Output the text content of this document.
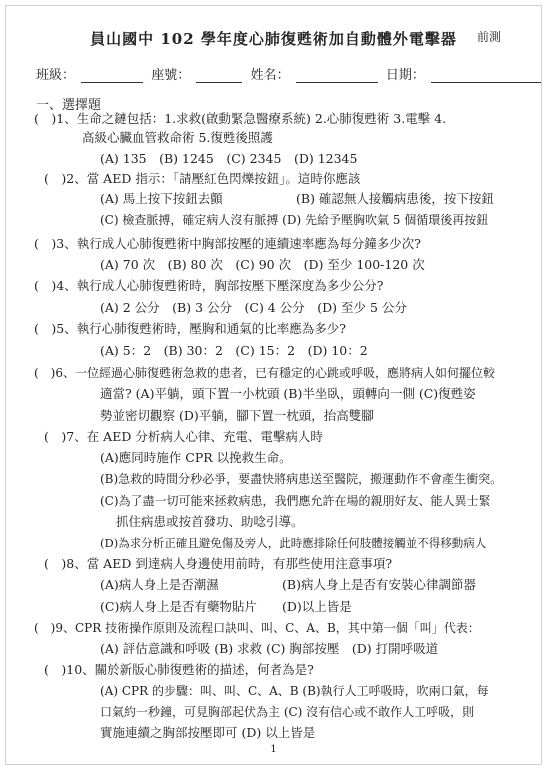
員山國中 102 學年度心肺復甦術加自動體外電擊器	前測
班級：	座號：	姓名：	日期：
一、選擇題
(　)1、生命之鏈包括：1.求救(啟動緊急醫療系統) 2.心肺復甦術 3.電擊 4.
高級心臟血管救命術 5.復甦後照護
(A) 135　(B) 1245　(C) 2345　(D) 12345
(　)2、當 AED 指示：「請壓紅色閃爍按鈕」。這時你應該
(A) 馬上按下按鈕去顫	(B) 確認無人接觸病患後，按下按鈕
(C) 檢查脈搏，確定病人沒有脈搏 (D) 先給予壓胸吹氣 5 個循環後再按鈕
(　)3、執行成人心肺復甦術中胸部按壓的連續速率應為每分鐘多少次?
(A) 70 次　(B) 80 次　(C) 90 次　(D) 至少 100-120 次
(　)4、執行成人心肺復甦術時，胸部按壓下壓深度為多少公分?
(A) 2 公分　(B) 3 公分　(C) 4 公分　(D) 至少 5 公分
(　)5、執行心肺復甦術時，壓胸和通氣的比率應為多少?
(A) 5：2　(B) 30：2　(C) 15：2　(D) 10：2
(　)6、一位經過心肺復甦術急救的患者，已有穩定的心跳或呼吸，應將病人如何擺位較
適當? (A)平躺，頭下置一小枕頭 (B)半坐臥，頭轉向一側 (C)復甦姿
勢並密切觀察 (D)平躺，腳下置一枕頭，抬高雙腳
(　)7、在 AED 分析病人心律、充電、電擊病人時
(A)應同時施作 CPR 以挽救生命。
(B)急救的時間分秒必爭，要盡快將病患送至醫院，搬運動作不會產生衝突。
(C)為了盡一切可能來拯救病患，我們應允許在場的親朋好友、能人異士緊
抓住病患或按首發功、助唸引導。
(D)為求分析正確且避免傷及旁人，此時應排除任何肢體接觸並不得移動病人
(　)8、當 AED 到達病人身邊使用前時，有那些使用注意事項?
(A)病人身上是否潮濕	(B)病人身上是否有安裝心律調節器
(C)病人身上是否有藥物貼片 (D)以上皆是
(　)9、CPR 技術操作原則及流程口訣叫、叫、C、A、B，其中第一個「叫」代表：
(A) 評估意識和呼吸 (B) 求救 (C) 胸部按壓　(D) 打開呼吸道
(　)10、關於新版心肺復甦術的描述，何者為是?
(A) CPR 的步驟：叫、叫、C、A、B (B)執行人工呼吸時，吹兩口氣，每
口氣約一秒鐘，可見胸部起伏為主 (C) 沒有信心或不敢作人工呼吸，則
實施連續之胸部按壓即可 (D) 以上皆是
1
